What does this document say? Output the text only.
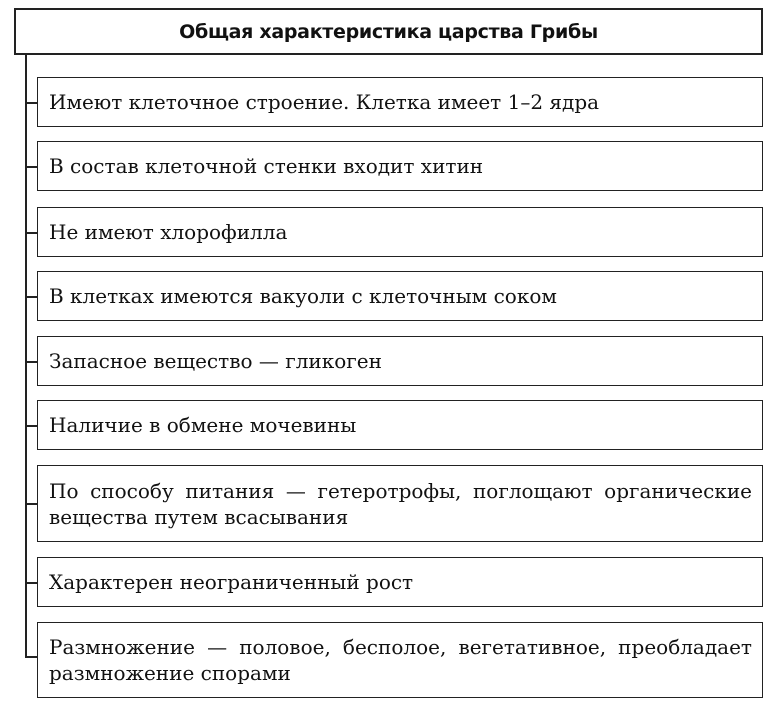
Общая характеристика царства Грибы
Имеют клеточное строение. Клетка имеет 1–2 ядра
В состав клеточной стенки входит хитин
Не имеют хлорофилла
В клетках имеются вакуоли с клеточным соком
Запасное вещество — гликоген
Наличие в обмене мочевины
По способу питания — гетеротрофы, поглощают органические вещества путем всасывания
Характерен неограниченный рост
Размножение — половое, бесполое, вегетативное, преобладает размножение спорами
